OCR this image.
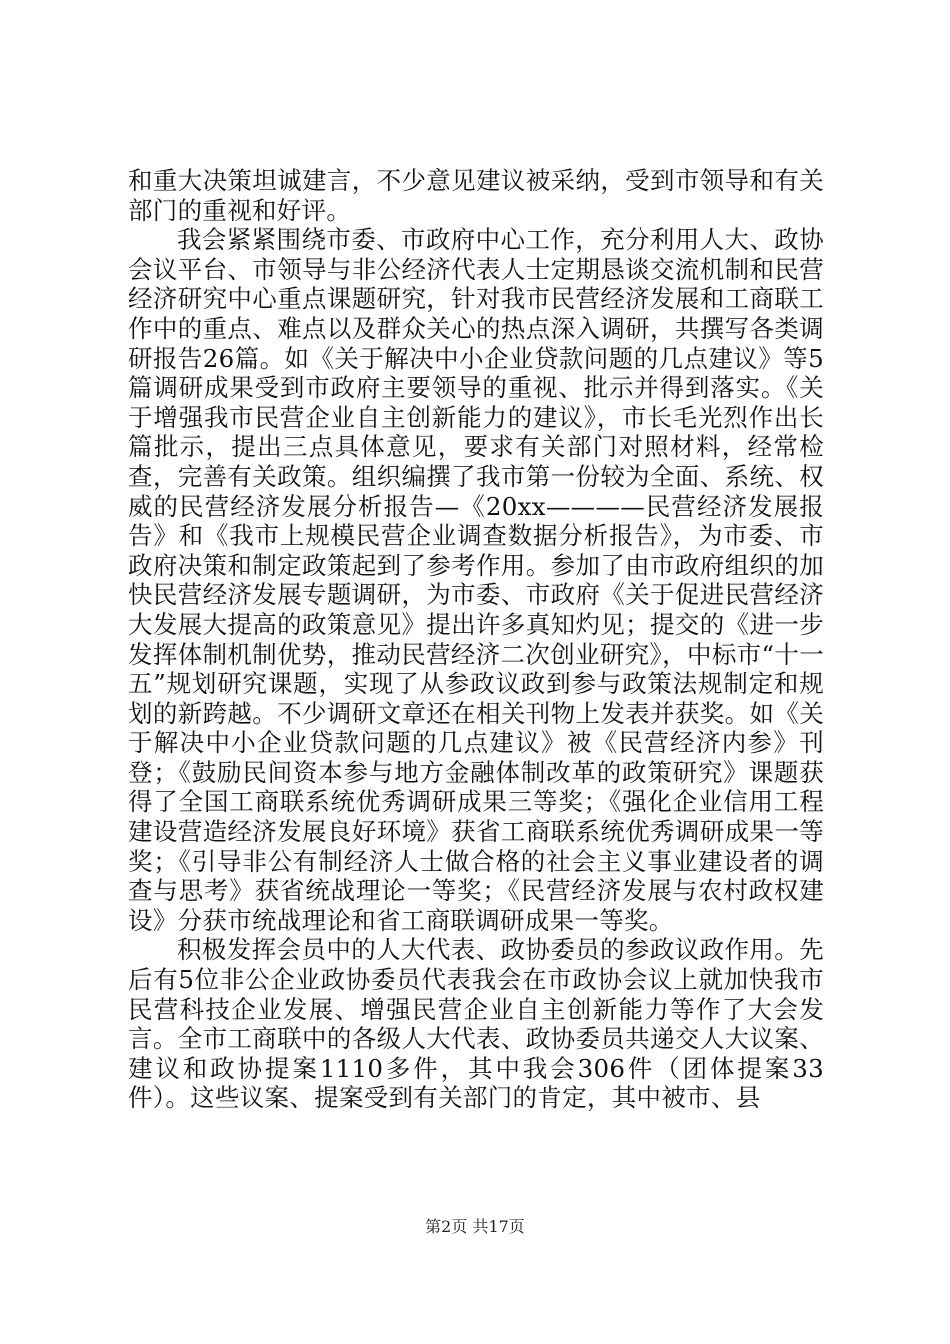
和重大决策坦诚建言，不少意见建议被采纳，受到市领导和有关部门的重视和好评。

我会紧紧围绕市委、市政府中心工作，充分利用人大、政协会议平台、市领导与非公经济代表人士定期恳谈交流机制和民营经济研究中心重点课题研究，针对我市民营经济发展和工商联工作中的重点、难点以及群众关心的热点深入调研，共撰写各类调研报告26篇。如《关于解决中小企业贷款问题的几点建议》等5篇调研成果受到市政府主要领导的重视、批示并得到落实。《关于增强我市民营企业自主创新能力的建议》，市长毛光烈作出长篇批示，提出三点具体意见，要求有关部门对照材料，经常检查，完善有关政策。组织编撰了我市第一份较为全面、系统、权威的民营经济发展分析报告—《20xx————民营经济发展报告》和《我市上规模民营企业调查数据分析报告》，为市委、市政府决策和制定政策起到了参考作用。参加了由市政府组织的加快民营经济发展专题调研，为市委、市政府《关于促进民营经济大发展大提高的政策意见》提出许多真知灼见；提交的《进一步发挥体制机制优势，推动民营经济二次创业研究》，中标市“十一五”规划研究课题，实现了从参政议政到参与政策法规制定和规划的新跨越。不少调研文章还在相关刊物上发表并获奖。如《关于解决中小企业贷款问题的几点建议》被《民营经济内参》刊登；《鼓励民间资本参与地方金融体制改革的政策研究》课题获得了全国工商联系统优秀调研成果三等奖；《强化企业信用工程建设营造经济发展良好环境》获省工商联系统优秀调研成果一等奖；《引导非公有制经济人士做合格的社会主义事业建设者的调查与思考》获省统战理论一等奖；《民营经济发展与农村政权建设》分获市统战理论和省工商联调研成果一等奖。

积极发挥会员中的人大代表、政协委员的参政议政作用。先后有5位非公企业政协委员代表我会在市政协会议上就加快我市民营科技企业发展、增强民营企业自主创新能力等作了大会发言。全市工商联中的各级人大代表、政协委员共递交人大议案、建议和政协提案1110多件，其中我会306件（团体提案33件）。这些议案、提案受到有关部门的肯定，其中被市、县

第2页 共17页
